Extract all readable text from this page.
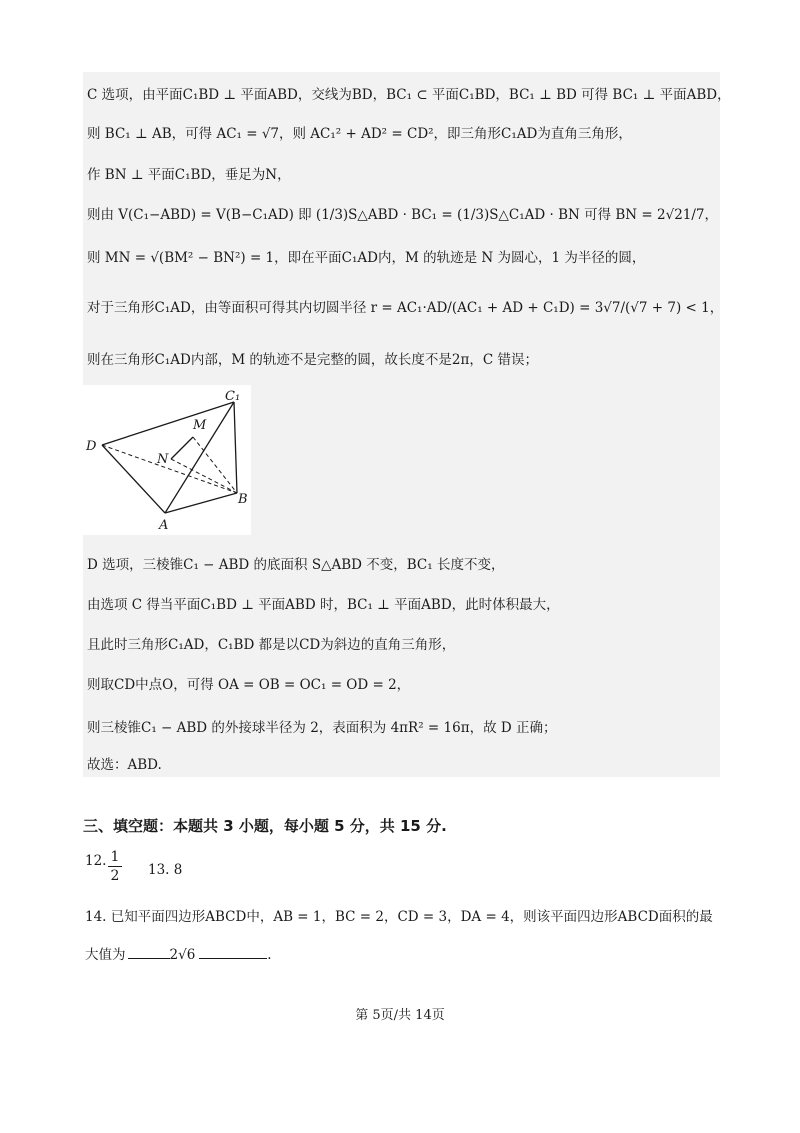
C 选项，由平面C₁BD ⊥ 平面ABD，交线为BD，BC₁ ⊂ 平面C₁BD，BC₁ ⊥ BD 可得 BC₁ ⊥ 平面ABD，
则 BC₁ ⊥ AB，可得 AC₁ = √7，则 AC₁² + AD² = CD²，即三角形C₁AD为直角三角形，
作 BN ⊥ 平面C₁BD，垂足为N，
则由 V(C₁−ABD) = V(B−C₁AD) 即 (1/3)S△ABD · BC₁ = (1/3)S△C₁AD · BN 可得 BN = 2√21/7，
则 MN = √(BM² − BN²) = 1，即在平面C₁AD内，M 的轨迹是 N 为圆心，1 为半径的圆，
对于三角形C₁AD，由等面积可得其内切圆半径 r = AC₁·AD/(AC₁ + AD + C₁D) = 3√7/(√7 + 7) < 1，
则在三角形C₁AD内部，M 的轨迹不是完整的圆，故长度不是2π，C 错误；
C₁
M
N
D
B
A
D 选项，三棱锥C₁ − ABD 的底面积 S△ABD 不变，BC₁ 长度不变，
由选项 C 得当平面C₁BD ⊥ 平面ABD 时，BC₁ ⊥ 平面ABD，此时体积最大，
且此时三角形C₁AD，C₁BD 都是以CD为斜边的直角三角形，
则取CD中点O，可得 OA = OB = OC₁ = OD = 2，
则三棱锥C₁ − ABD 的外接球半径为 2，表面积为 4πR² = 16π，故 D 正确；
故选：ABD.
三、填空题：本题共 3 小题，每小题 5 分，共 15 分.
12. 1
2 13. 8
14. 已知平面四边形ABCD中，AB = 1，BC = 2，CD = 3，DA = 4，则该平面四边形ABCD面积的最
大值为	2√6	.
第 5页/共 14页
